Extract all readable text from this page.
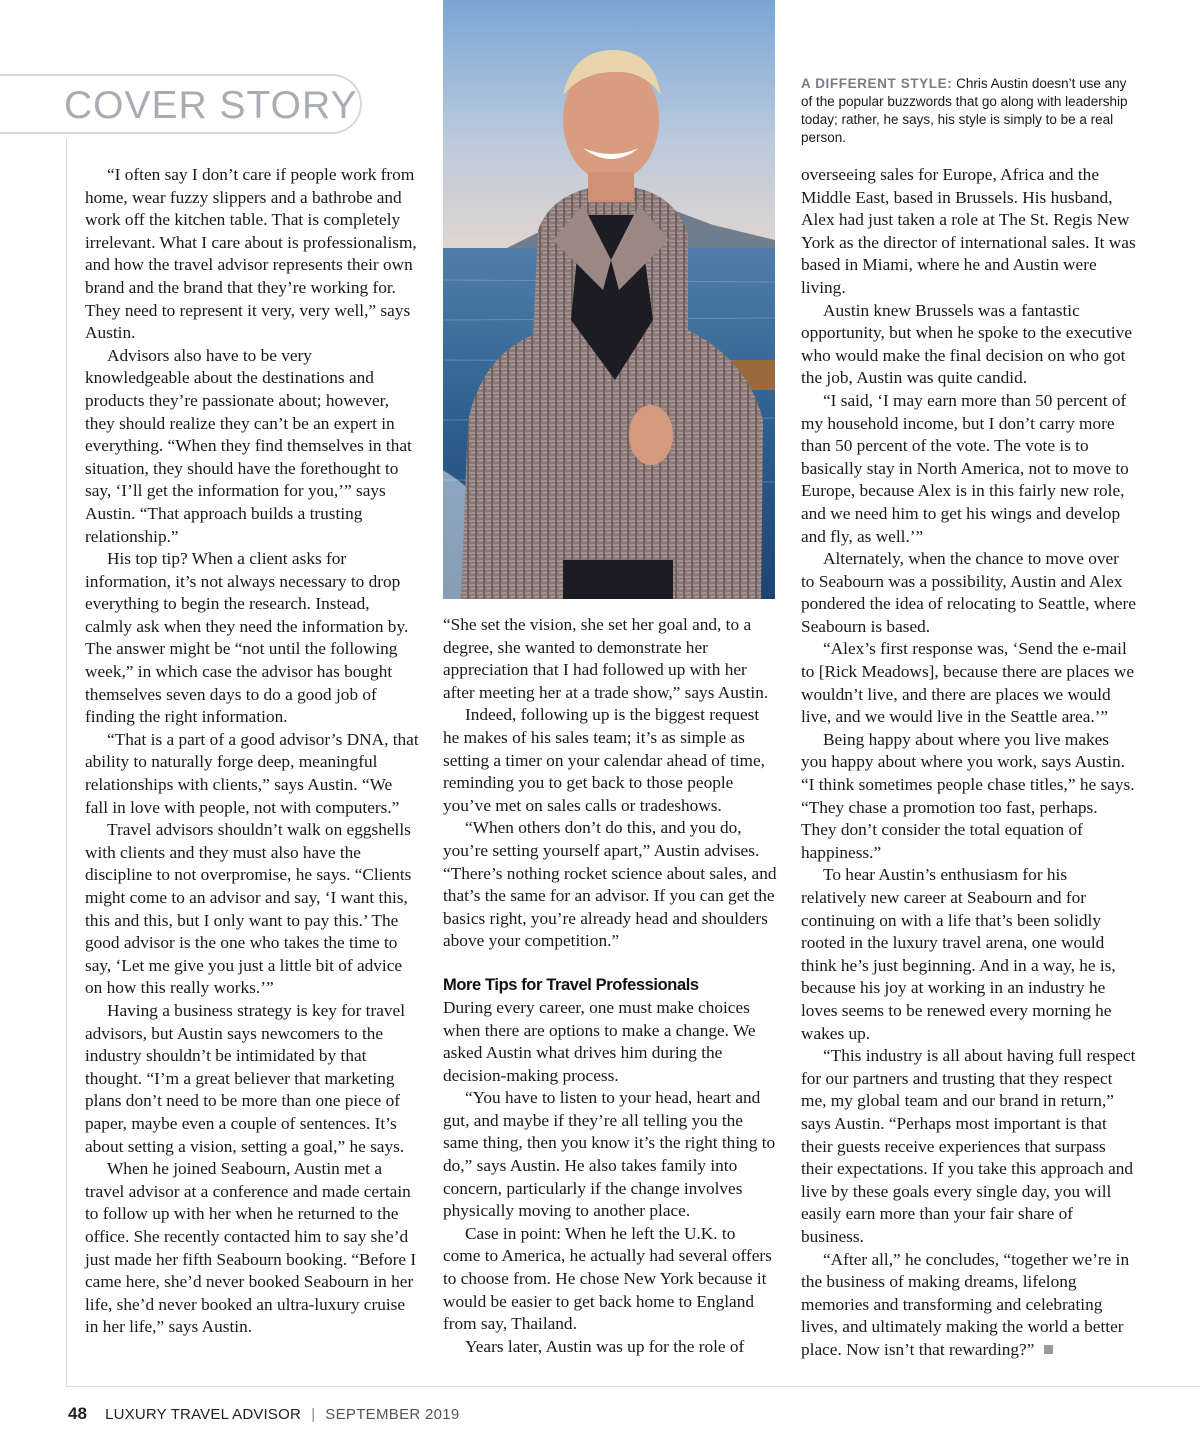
COVER STORY
A DIFFERENT STYLE: Chris Austin doesn’t use any of the popular buzzwords that go along with leadership today; rather, he says, his style is simply to be a real person.

“I often say I don’t care if people work from home, wear fuzzy slippers and a bathrobe and work off the kitchen table. That is completely irrelevant. What I care about is professionalism, and how the travel advisor represents their own brand and the brand that they’re working for. They need to represent it very, very well,” says Austin.

Advisors also have to be very knowledgeable about the destinations and products they’re passionate about; however, they should realize they can’t be an expert in everything. “When they find themselves in that situation, they should have the forethought to say, ‘I’ll get the information for you,’” says Austin. “That approach builds a trusting relationship.”

His top tip? When a client asks for information, it’s not always necessary to drop everything to begin the research. Instead, calmly ask when they need the information by. The answer might be “not until the following week,” in which case the advisor has bought themselves seven days to do a good job of finding the right information.

“That is a part of a good advisor’s DNA, that ability to naturally forge deep, meaningful relationships with clients,” says Austin. “We fall in love with people, not with computers.”

Travel advisors shouldn’t walk on eggshells with clients and they must also have the discipline to not overpromise, he says. “Clients might come to an advisor and say, ‘I want this, this and this, but I only want to pay this.’ The good advisor is the one who takes the time to say, ‘Let me give you just a little bit of advice on how this really works.’”

Having a business strategy is key for travel advisors, but Austin says newcomers to the industry shouldn’t be intimidated by that thought. “I’m a great believer that marketing plans don’t need to be more than one piece of paper, maybe even a couple of sentences. It’s about setting a vision, setting a goal,” he says.

When he joined Seabourn, Austin met a travel advisor at a conference and made certain to follow up with her when he returned to the office. She recently contacted him to say she’d just made her fifth Seabourn booking. “Before I came here, she’d never booked Seabourn in her life, she’d never booked an ultra-luxury cruise in her life,” says Austin.

“She set the vision, she set her goal and, to a degree, she wanted to demonstrate her appreciation that I had followed up with her after meeting her at a trade show,” says Austin.

Indeed, following up is the biggest request he makes of his sales team; it’s as simple as setting a timer on your calendar ahead of time, reminding you to get back to those people you’ve met on sales calls or tradeshows.

“When others don’t do this, and you do, you’re setting yourself apart,” Austin advises. “There’s nothing rocket science about sales, and that’s the same for an advisor. If you can get the basics right, you’re already head and shoulders above your competition.”

More Tips for Travel Professionals

During every career, one must make choices when there are options to make a change. We asked Austin what drives him during the decision-making process.

“You have to listen to your head, heart and gut, and maybe if they’re all telling you the same thing, then you know it’s the right thing to do,” says Austin. He also takes family into concern, particularly if the change involves physically moving to another place.

Case in point: When he left the U.K. to come to America, he actually had several offers to choose from. He chose New York because it would be easier to get back home to England from say, Thailand.

Years later, Austin was up for the role of

overseeing sales for Europe, Africa and the Middle East, based in Brussels. His husband, Alex had just taken a role at The St. Regis New York as the director of international sales. It was based in Miami, where he and Austin were living.

Austin knew Brussels was a fantastic opportunity, but when he spoke to the executive who would make the final decision on who got the job, Austin was quite candid.

“I said, ‘I may earn more than 50 percent of my household income, but I don’t carry more than 50 percent of the vote. The vote is to basically stay in North America, not to move to Europe, because Alex is in this fairly new role, and we need him to get his wings and develop and fly, as well.’”

Alternately, when the chance to move over to Seabourn was a possibility, Austin and Alex pondered the idea of relocating to Seattle, where Seabourn is based.

“Alex’s first response was, ‘Send the e-mail to [Rick Meadows], because there are places we wouldn’t live, and there are places we would live, and we would live in the Seattle area.’”

Being happy about where you live makes you happy about where you work, says Austin. “I think sometimes people chase titles,” he says. “They chase a promotion too fast, perhaps. They don’t consider the total equation of happiness.”

To hear Austin’s enthusiasm for his relatively new career at Seabourn and for continuing on with a life that’s been solidly rooted in the luxury travel arena, one would think he’s just beginning. And in a way, he is, because his joy at working in an industry he loves seems to be renewed every morning he wakes up.

“This industry is all about having full respect for our partners and trusting that they respect me, my global team and our brand in return,” says Austin. “Perhaps most important is that their guests receive experiences that surpass their expectations. If you take this approach and live by these goals every single day, you will easily earn more than your fair share of business.

“After all,” he concludes, “together we’re in the business of making dreams, lifelong memories and transforming and celebrating lives, and ultimately making the world a better place. Now isn’t that rewarding?”

48 LUXURY TRAVEL ADVISOR | SEPTEMBER 2019
